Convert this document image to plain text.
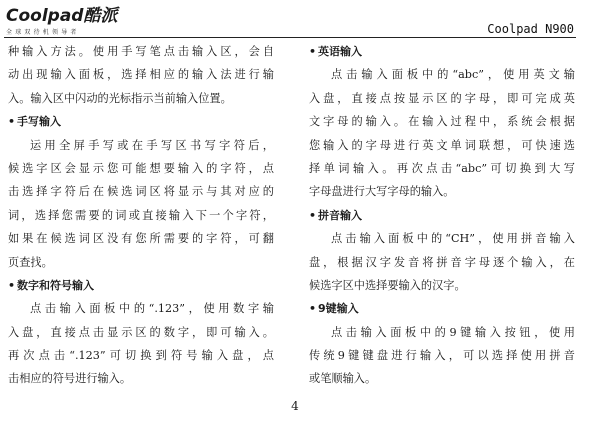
Coolpad酷派
全球双待机领导者	Coolpad N900
种输入方法。使用手写笔点击输入区，会自
动出现输入面板，选择相应的输入法进行输
入。输入区中闪动的光标指示当前输入位置。
• 手写输入
运用全屏手写或在手写区书写字符后，
候选字区会显示您可能想要输入的字符，点
击选择字符后在候选词区将显示与其对应的
词，选择您需要的词或直接输入下一个字符，
如果在候选词区没有您所需要的字符，可翻
页查找。
• 数字和符号输入
点击输入面板中的“.123”，使用数字输
入盘，直接点击显示区的数字，即可输入。
再次点击“.123”可切换到符号输入盘，点
击相应的符号进行输入。
• 英语输入
点击输入面板中的“abc”，使用英文输
入盘，直接点按显示区的字母，即可完成英
文字母的输入。在输入过程中，系统会根据
您输入的字母进行英文单词联想，可快速选
择单词输入。再次点击“abc”可切换到大写
字母盘进行大写字母的输入。
• 拼音输入
点击输入面板中的“CH”，使用拼音输入
盘，根据汉字发音将拼音字母逐个输入，在
候选字区中选择要输入的汉字。
• 9键输入
点击输入面板中的9键输入按钮，使用
传统9键键盘进行输入，可以选择使用拼音
或笔顺输入。
4
